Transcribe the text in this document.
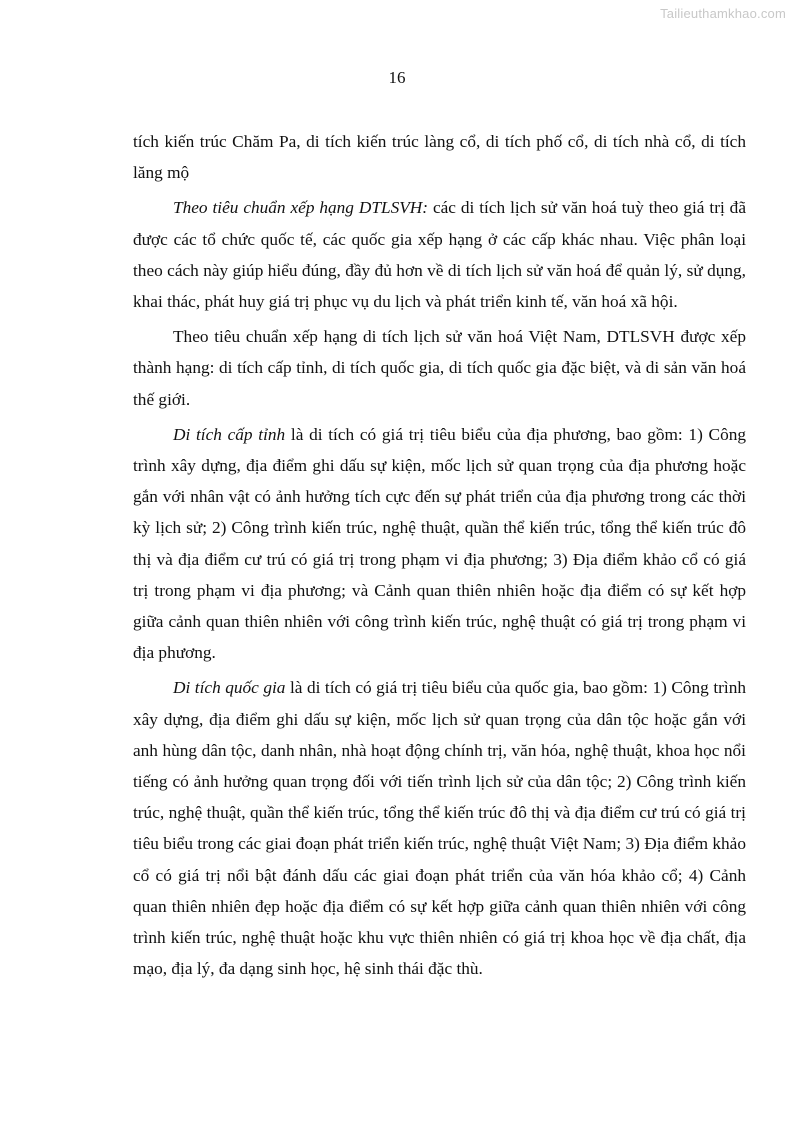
Tailieuthamkhao.com
16

tích kiến trúc Chăm Pa, di tích kiến trúc làng cổ, di tích phố cổ, di tích nhà cổ, di tích lăng mộ

Theo tiêu chuẩn xếp hạng DTLSVH: các di tích lịch sử văn hoá tuỳ theo giá trị đã được các tổ chức quốc tế, các quốc gia xếp hạng ở các cấp khác nhau. Việc phân loại theo cách này giúp hiểu đúng, đầy đủ hơn về di tích lịch sử văn hoá để quản lý, sử dụng, khai thác, phát huy giá trị phục vụ du lịch và phát triển kinh tế, văn hoá xã hội.

Theo tiêu chuẩn xếp hạng di tích lịch sử văn hoá Việt Nam, DTLSVH được xếp thành hạng: di tích cấp tỉnh, di tích quốc gia, di tích quốc gia đặc biệt, và di sản văn hoá thế giới.

Di tích cấp tỉnh là di tích có giá trị tiêu biểu của địa phương, bao gồm: 1) Công trình xây dựng, địa điểm ghi dấu sự kiện, mốc lịch sử quan trọng của địa phương hoặc gắn với nhân vật có ảnh hưởng tích cực đến sự phát triển của địa phương trong các thời kỳ lịch sử; 2) Công trình kiến trúc, nghệ thuật, quần thể kiến trúc, tổng thể kiến trúc đô thị và địa điểm cư trú có giá trị trong phạm vi địa phương; 3) Địa điểm khảo cổ có giá trị trong phạm vi địa phương; và Cảnh quan thiên nhiên hoặc địa điểm có sự kết hợp giữa cảnh quan thiên nhiên với công trình kiến trúc, nghệ thuật có giá trị trong phạm vi địa phương.

Di tích quốc gia là di tích có giá trị tiêu biểu của quốc gia, bao gồm: 1) Công trình xây dựng, địa điểm ghi dấu sự kiện, mốc lịch sử quan trọng của dân tộc hoặc gắn với anh hùng dân tộc, danh nhân, nhà hoạt động chính trị, văn hóa, nghệ thuật, khoa học nổi tiếng có ảnh hưởng quan trọng đối với tiến trình lịch sử của dân tộc; 2) Công trình kiến trúc, nghệ thuật, quần thể kiến trúc, tổng thể kiến trúc đô thị và địa điểm cư trú có giá trị tiêu biểu trong các giai đoạn phát triển kiến trúc, nghệ thuật Việt Nam; 3) Địa điểm khảo cổ có giá trị nổi bật đánh dấu các giai đoạn phát triển của văn hóa khảo cổ; 4) Cảnh quan thiên nhiên đẹp hoặc địa điểm có sự kết hợp giữa cảnh quan thiên nhiên với công trình kiến trúc, nghệ thuật hoặc khu vực thiên nhiên có giá trị khoa học về địa chất, địa mạo, địa lý, đa dạng sinh học, hệ sinh thái đặc thù.
